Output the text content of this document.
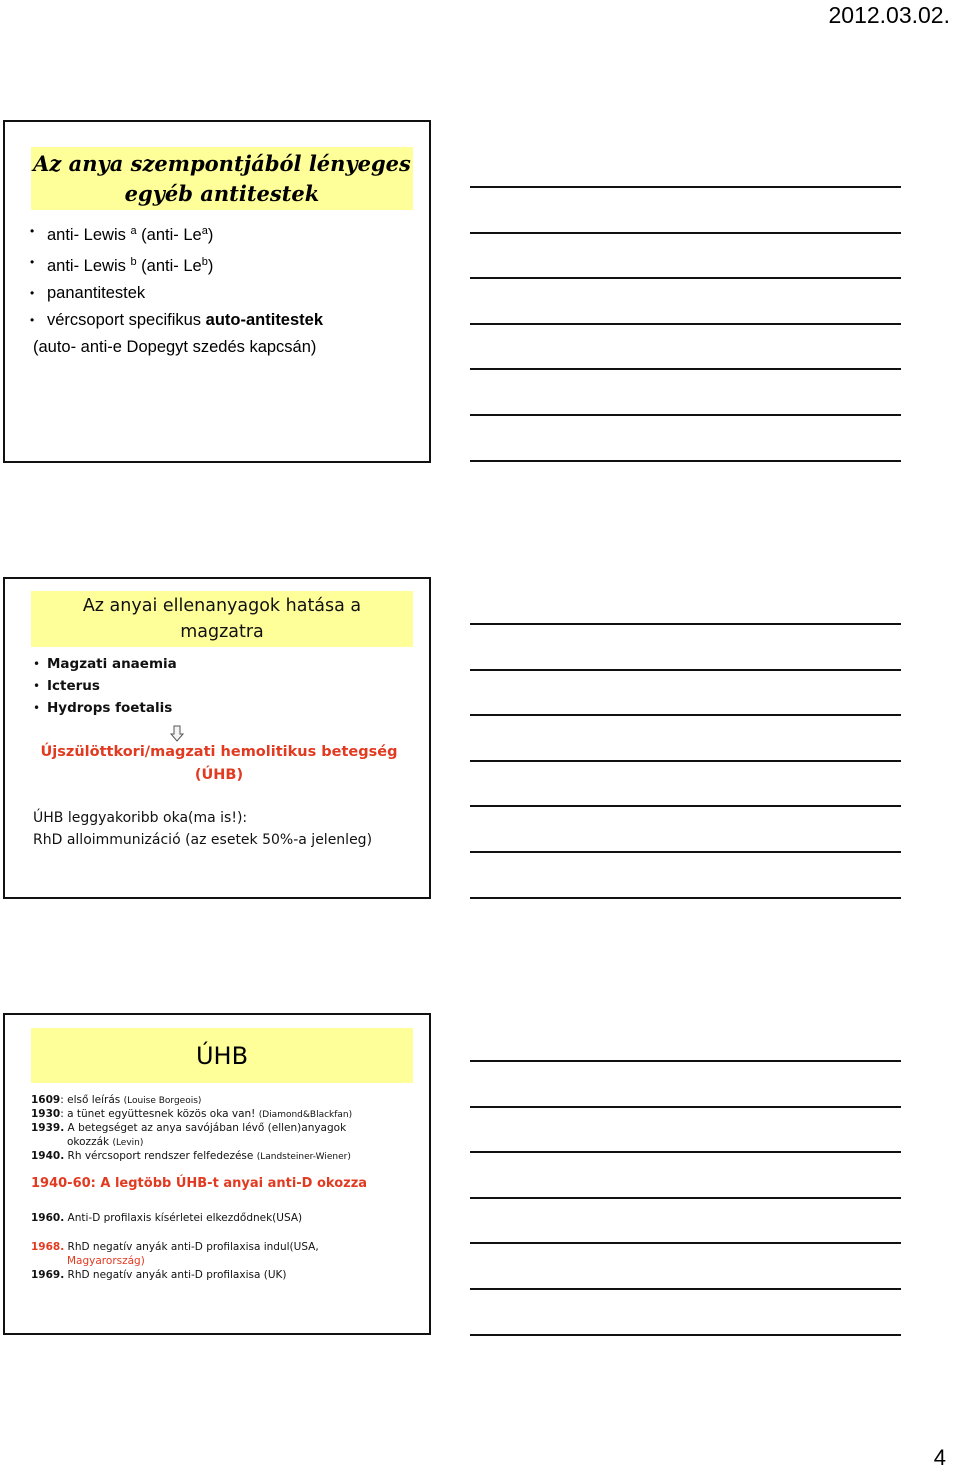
2012.03.02.
Az anya szempontjából lényeges
egyéb antitestek
• anti- Lewis $^a$ (anti- Le$^a$)
• anti- Lewis $^b$ (anti- Le$^b$)
• panantitestek
• vércsoport specifikus auto-antitestek
(auto- anti-e Dopegyt szedés kapcsán)
Az anyai ellenanyagok hatása a
magzatra
• Magzati anaemia
• Icterus
• Hydrops foetalis
Újszülöttkori/magzati hemolitikus betegség
(ÚHB)
ÚHB leggyakoribb oka(ma is!):
RhD alloimmunizáció (az esetek 50%-a jelenleg)
ÚHB
1609: első leírás (Louise Borgeois)
1930: a tünet együttesnek közös oka van! (Diamond&Blackfan)
1939. A betegséget az anya savójában lévő (ellen)anyagok
okozzák (Levin)
1940. Rh vércsoport rendszer felfedezése (Landsteiner-Wiener)
1940-60: A legtöbb ÚHB-t anyai anti-D okozza
1960. Anti-D profilaxis kísérletei elkezdődnek(USA)
1968. RhD negatív anyák anti-D profilaxisa indul(USA,
Magyarország)
1969. RhD negatív anyák anti-D profilaxisa (UK)
4
